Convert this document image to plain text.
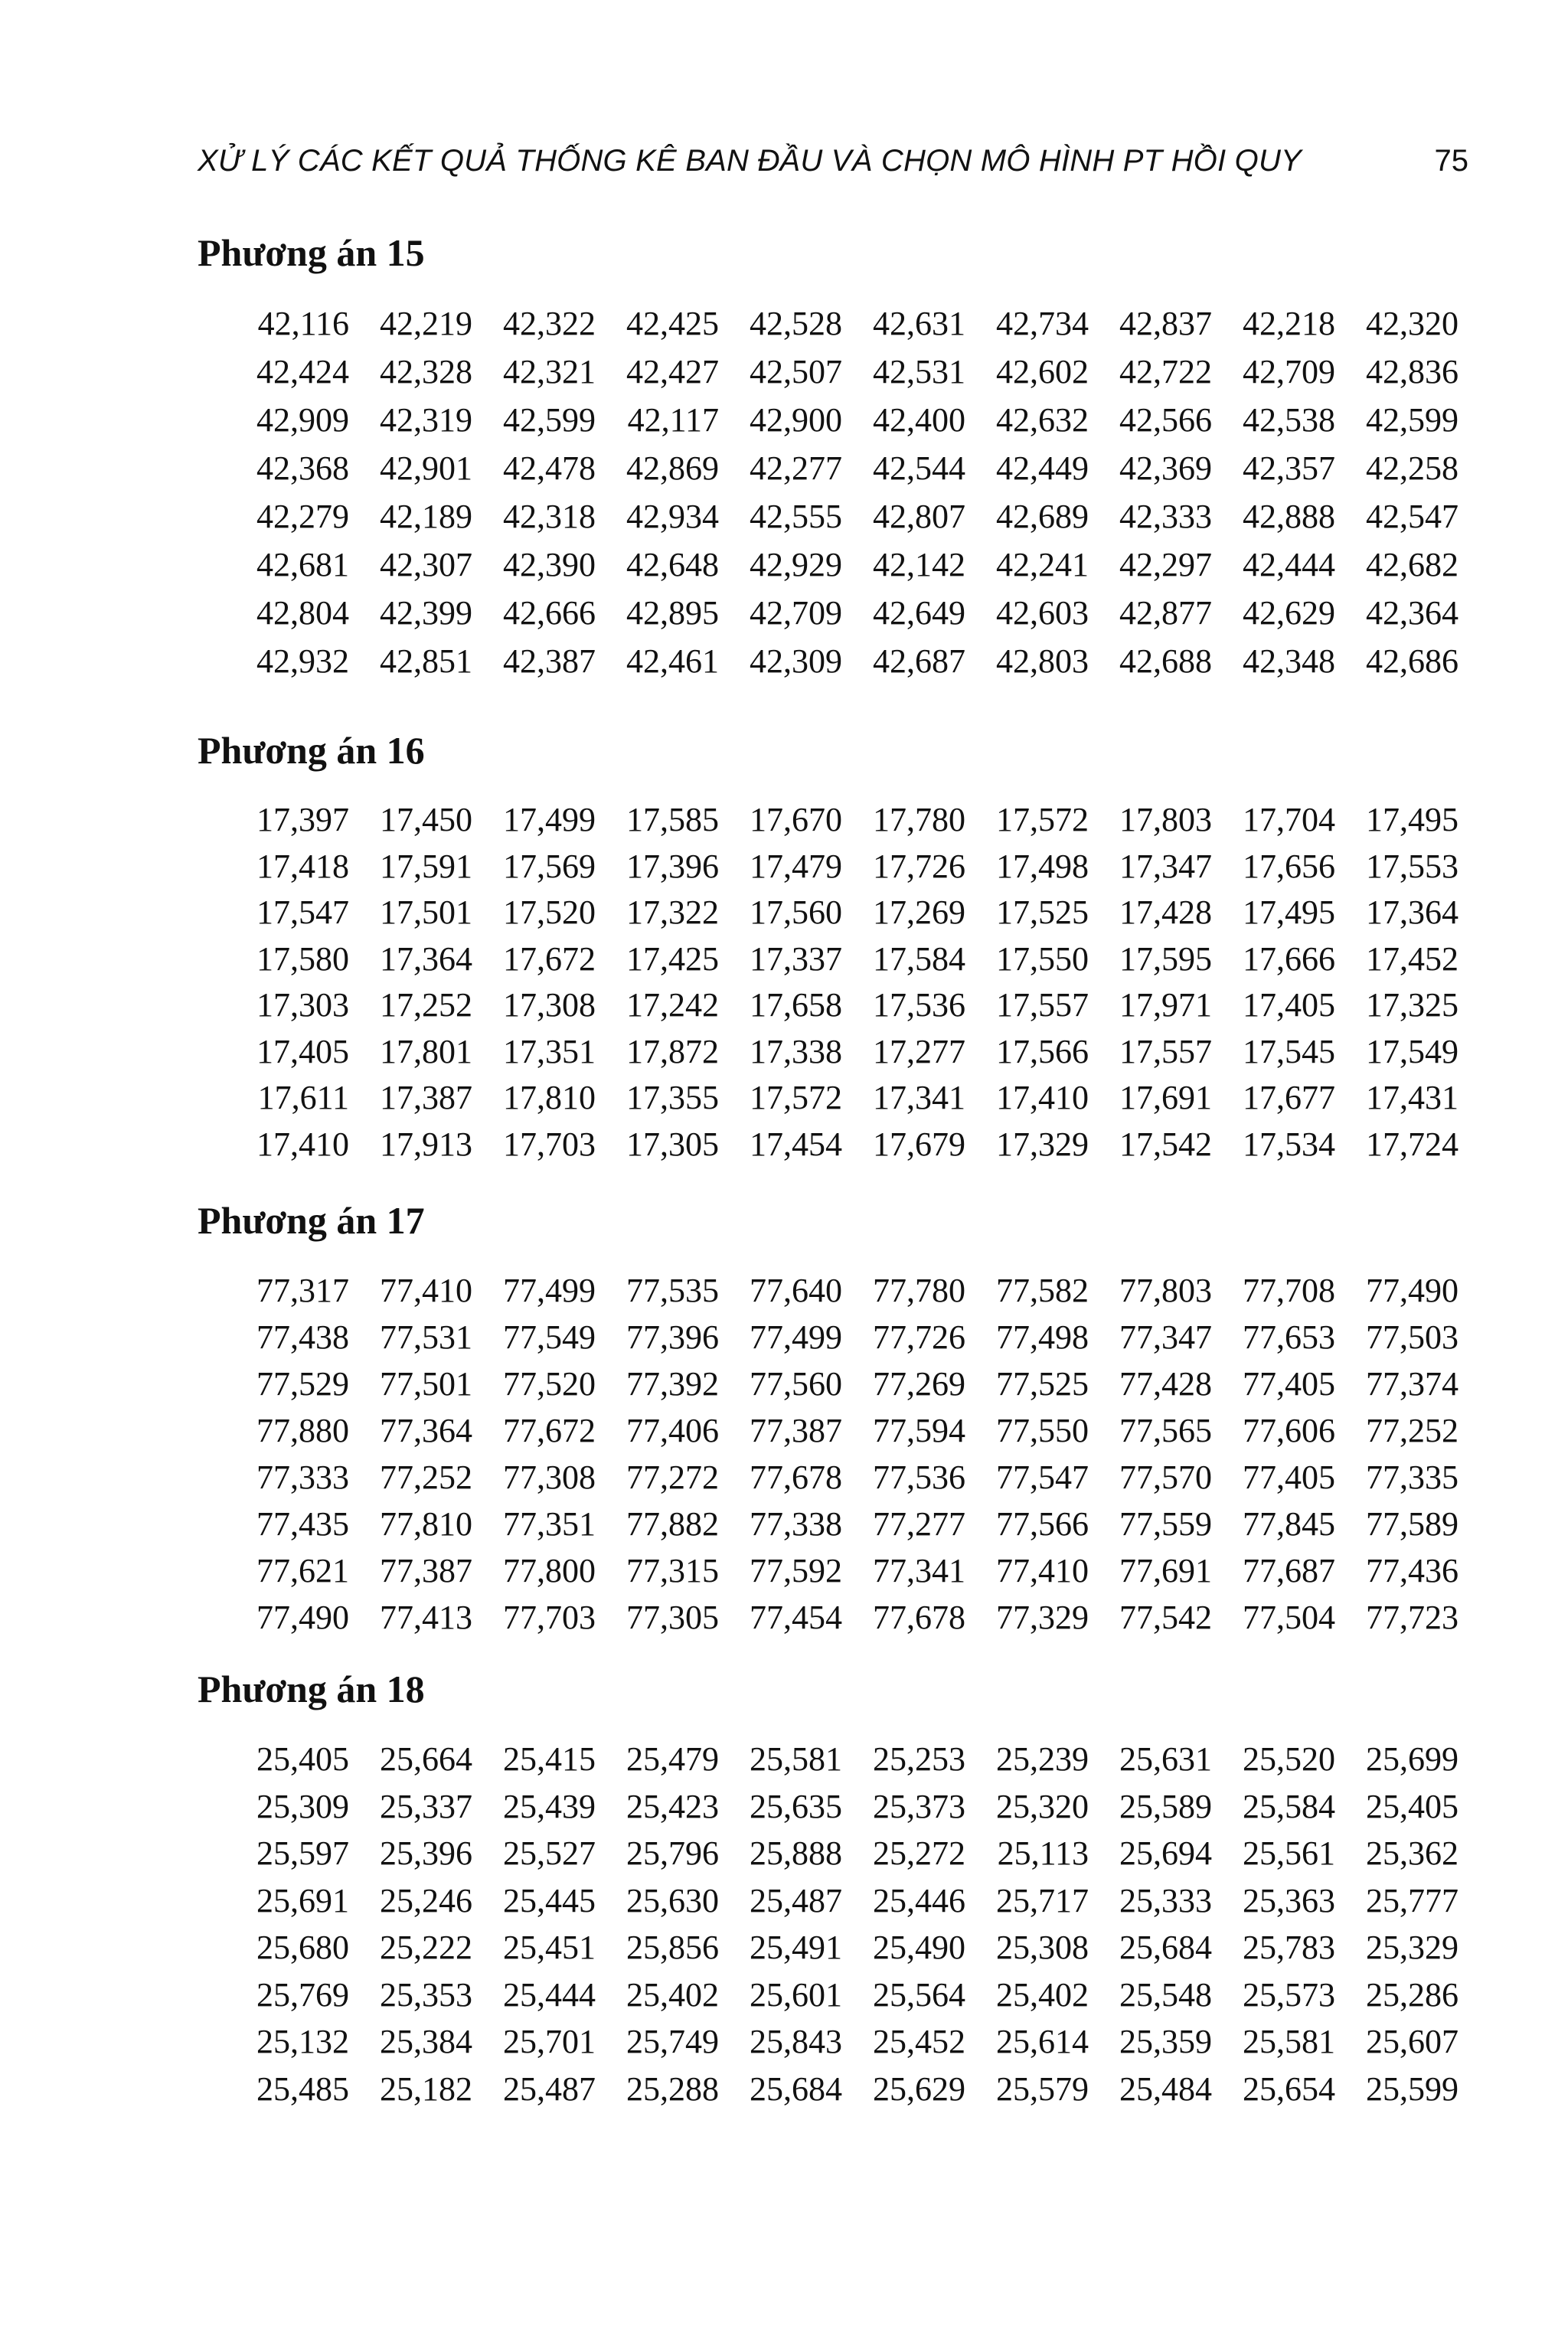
XỬ LÝ CÁC KẾT QUẢ THỐNG KÊ BAN ĐẦU VÀ CHỌN MÔ HÌNH PT HỒI QUY	75
Phương án 15
42,116	42,219	42,322	42,425	42,528	42,631	42,734	42,837	42,218	42,320
42,424	42,328	42,321	42,427	42,507	42,531	42,602	42,722	42,709	42,836
42,909	42,319	42,599	42,117	42,900	42,400	42,632	42,566	42,538	42,599
42,368	42,901	42,478	42,869	42,277	42,544	42,449	42,369	42,357	42,258
42,279	42,189	42,318	42,934	42,555	42,807	42,689	42,333	42,888	42,547
42,681	42,307	42,390	42,648	42,929	42,142	42,241	42,297	42,444	42,682
42,804	42,399	42,666	42,895	42,709	42,649	42,603	42,877	42,629	42,364
42,932	42,851	42,387	42,461	42,309	42,687	42,803	42,688	42,348	42,686
Phương án 16
17,397	17,450	17,499	17,585	17,670	17,780	17,572	17,803	17,704	17,495
17,418	17,591	17,569	17,396	17,479	17,726	17,498	17,347	17,656	17,553
17,547	17,501	17,520	17,322	17,560	17,269	17,525	17,428	17,495	17,364
17,580	17,364	17,672	17,425	17,337	17,584	17,550	17,595	17,666	17,452
17,303	17,252	17,308	17,242	17,658	17,536	17,557	17,971	17,405	17,325
17,405	17,801	17,351	17,872	17,338	17,277	17,566	17,557	17,545	17,549
17,611	17,387	17,810	17,355	17,572	17,341	17,410	17,691	17,677	17,431
17,410	17,913	17,703	17,305	17,454	17,679	17,329	17,542	17,534	17,724
Phương án 17
77,317	77,410	77,499	77,535	77,640	77,780	77,582	77,803	77,708	77,490
77,438	77,531	77,549	77,396	77,499	77,726	77,498	77,347	77,653	77,503
77,529	77,501	77,520	77,392	77,560	77,269	77,525	77,428	77,405	77,374
77,880	77,364	77,672	77,406	77,387	77,594	77,550	77,565	77,606	77,252
77,333	77,252	77,308	77,272	77,678	77,536	77,547	77,570	77,405	77,335
77,435	77,810	77,351	77,882	77,338	77,277	77,566	77,559	77,845	77,589
77,621	77,387	77,800	77,315	77,592	77,341	77,410	77,691	77,687	77,436
77,490	77,413	77,703	77,305	77,454	77,678	77,329	77,542	77,504	77,723
Phương án 18
25,405	25,664	25,415	25,479	25,581	25,253	25,239	25,631	25,520	25,699
25,309	25,337	25,439	25,423	25,635	25,373	25,320	25,589	25,584	25,405
25,597	25,396	25,527	25,796	25,888	25,272	25,113	25,694	25,561	25,362
25,691	25,246	25,445	25,630	25,487	25,446	25,717	25,333	25,363	25,777
25,680	25,222	25,451	25,856	25,491	25,490	25,308	25,684	25,783	25,329
25,769	25,353	25,444	25,402	25,601	25,564	25,402	25,548	25,573	25,286
25,132	25,384	25,701	25,749	25,843	25,452	25,614	25,359	25,581	25,607
25,485	25,182	25,487	25,288	25,684	25,629	25,579	25,484	25,654	25,599
